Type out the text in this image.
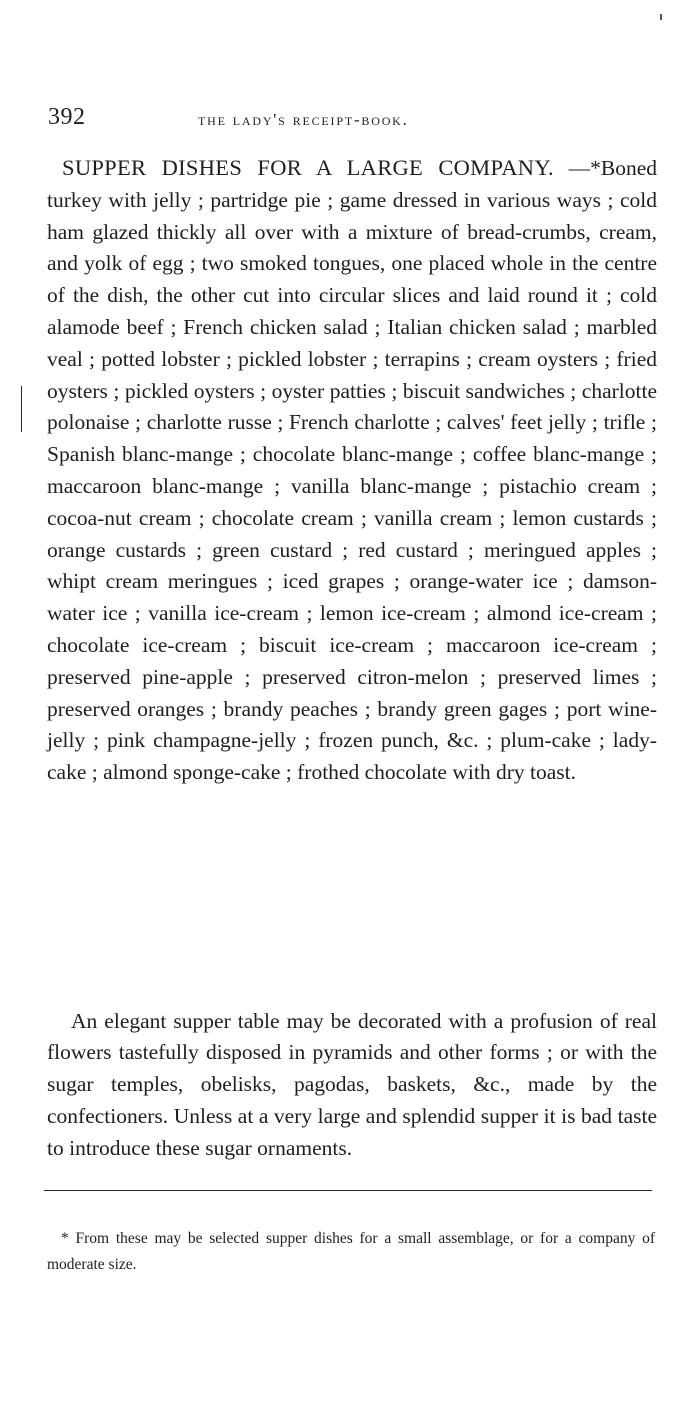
392	the lady's receipt-book.

SUPPER DISHES FOR A LARGE COMPANY. —*Boned turkey with jelly ; partridge pie ; game dressed in various ways ; cold ham glazed thickly all over with a mixture of bread-crumbs, cream, and yolk of egg ; two smoked tongues, one placed whole in the centre of the dish, the other cut into circular slices and laid round it ; cold alamode beef ; French chicken salad ; Italian chicken salad ; marbled veal ; potted lobster ; pickled lobster ; terrapins ; cream oysters ; fried oysters ; pickled oysters ; oyster patties ; biscuit sandwiches ; charlotte polonaise ; charlotte russe ; French charlotte ; calves' feet jelly ; trifle ; Spanish blanc-mange ; chocolate blanc-mange ; coffee blanc-mange ; maccaroon blanc-mange ; vanilla blanc-mange ; pistachio cream ; cocoa-nut cream ; chocolate cream ; vanilla cream ; lemon custards ; orange custards ; green custard ; red custard ; meringued apples ; whipt cream meringues ; iced grapes ; orange-water ice ; damson-water ice ; vanilla ice-cream ; lemon ice-cream ; almond ice-cream ; chocolate ice-cream ; biscuit ice-cream ; maccaroon ice-cream ; preserved pine-apple ; preserved citron-melon ; preserved limes ; preserved oranges ; brandy peaches ; brandy green gages ; port wine-jelly ; pink champagne-jelly ; frozen punch, &c. ; plum-cake ; lady-cake ; almond sponge-cake ; frothed chocolate with dry toast.

An elegant supper table may be decorated with a profusion of real flowers tastefully disposed in pyramids and other forms ; or with the sugar temples, obelisks, pagodas, baskets, &c., made by the confectioners. Unless at a very large and splendid supper it is bad taste to introduce these sugar ornaments.

* From these may be selected supper dishes for a small assemblage, or for a company of moderate size.
